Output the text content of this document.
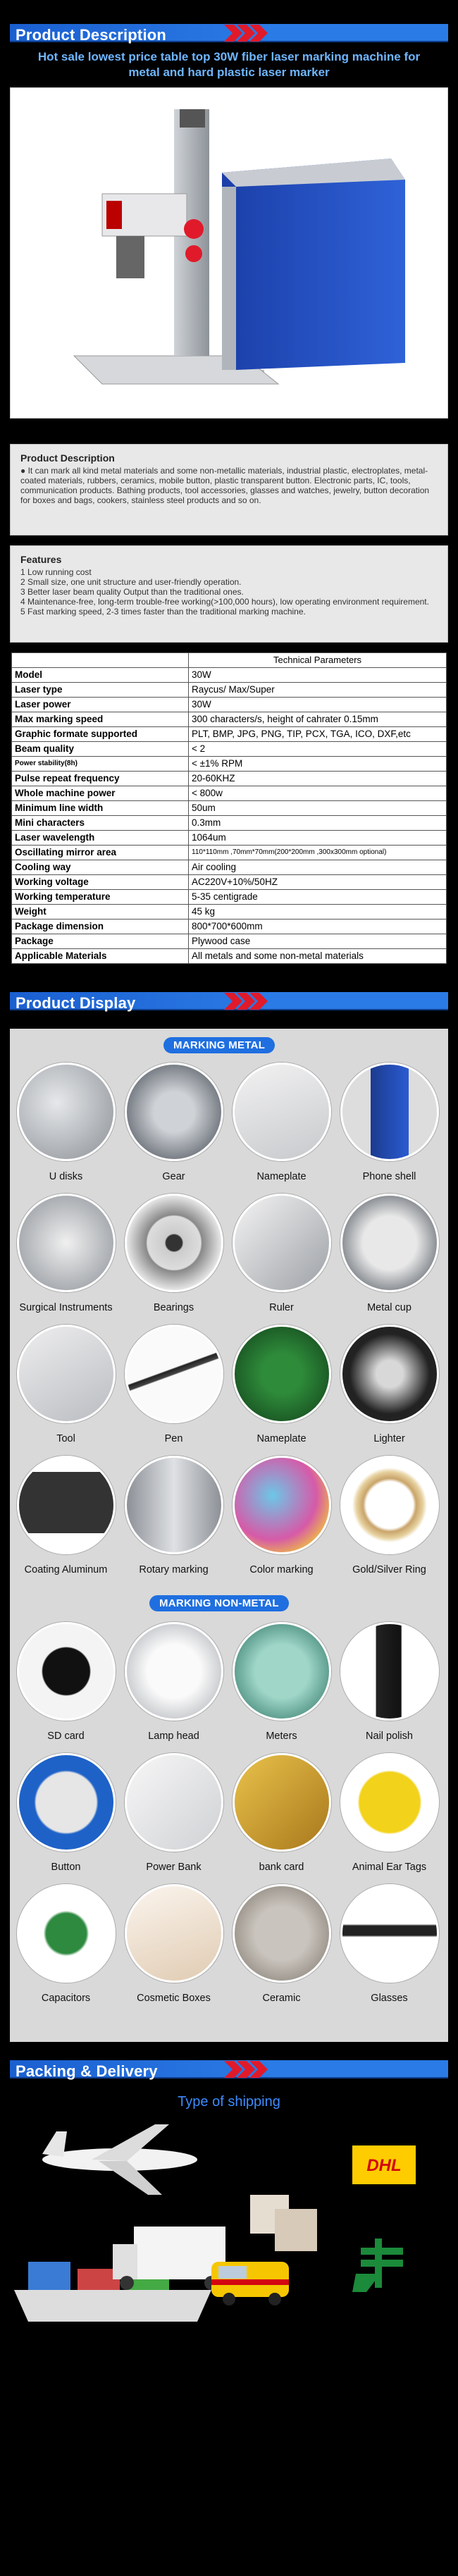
Product Description
Hot sale lowest price table top 30W fiber laser marking machine for metal and hard plastic laser marker
Product Description

● It can mark all kind metal materials and some non-metallic materials, industrial plastic, electroplates, metal-coated materials, rubbers, ceramics, mobile button, plastic transparent button. Electronic parts, IC, tools, communication products. Bathing products, tool accessories, glasses and watches, jewelry, button decoration for boxes and bags, cookers, stainless steel products and so on.

Features

1 Low running cost

2 Small size, one unit structure and user-friendly operation.

3 Better laser beam quality Output than the traditional ones.

4 Maintenance-free, long-term trouble-free working(>100,000 hours), low operating environment requirement.

5 Fast marking speed, 2-3 times faster than the traditional marking machine.

	Technical Parameters
Model	30W
Laser type	Raycus/ Max/Super
Laser power	30W
Max marking speed	300 characters/s, height of cahrater 0.15mm
Graphic formate supported	PLT, BMP, JPG, PNG, TIP, PCX, TGA, ICO, DXF,etc
Beam quality	< 2
Power stability(8h)	< ±1% RPM
Pulse repeat frequency	20-60KHZ
Whole machine power	< 800w
Minimum line width	50um
Mini characters	0.3mm
Laser wavelength	1064um
Oscillating mirror area	110*110mm ,70mm*70mm(200*200mm ,300x300mm optional)
Cooling way	Air cooling
Working voltage	AC220V+10%/50HZ
Working temperature	5-35 centigrade
Weight	45 kg
Package dimension	800*700*600mm
Package	Plywood case
Applicable Materials	All metals and some non-metal materials
Product Display
MARKING METAL
U disks	Gear	Nameplate	Phone shell
Surgical Instruments	Bearings	Ruler	Metal cup
Tool	Pen	Nameplate	Lighter
Coating Aluminum	Rotary marking	Color marking	Gold/Silver Ring
MARKING NON-METAL
SD card	Lamp head	Meters	Nail polish
Button	Power Bank	bank card	Animal Ear Tags
Capacitors	Cosmetic Boxes	Ceramic	Glasses
Packing & Delivery
Type of shipping
DHL
